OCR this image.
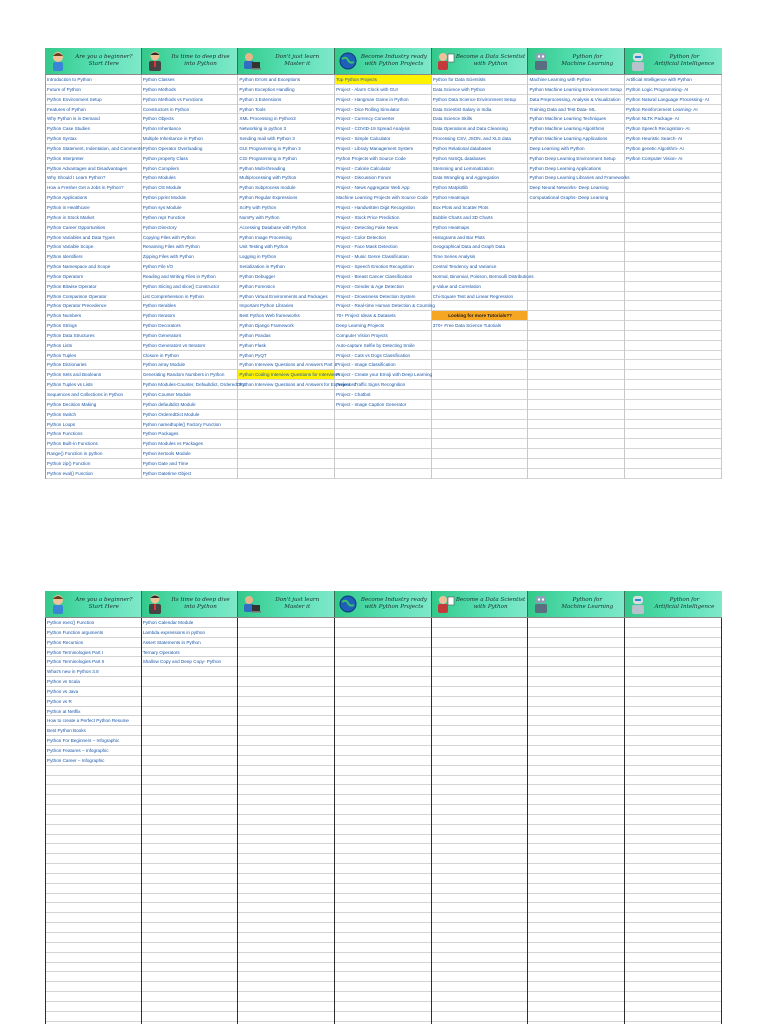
Are you a beginner?
Start Here
Its time to deep dive
into Python
Don't just learn
Master it
Become Industry ready
with Python Projects
Become a Data Scientist
with Python
Python for
Machine Learning
Python for
Artificial Intelligence
Introduction to Python
Future of Python
Python Environment Setup
Features of Python
Why Python is in Demand
Python Case Studies
Python Syntax
Python Statement, Indentation, and Comments
Python Interpreter
Python Advantages and Disadvantages
Why Should I Learn Python?
How a Fresher Get a Jobs in Python?
Python Applications
Python in Healthcare
Python in Stock Market
Python Career Opportunities
Python Variables and Data Types
Python Variable Scope
Python Identifiers
Python Namespace and Scope
Python Operators
Python Bitwise Operator
Python Comparison Operator
Python Operator Precedence
Python Numbers
Python Strings
Python Data Structures
Python Lists
Python Tuples
Python Dictionaries
Python Sets and Booleans
Python Tuples vs Lists
Sequences and Collections in Python
Python Decision Making
Python Switch
Python Loops
Python Functions
Python Built-in Functions
Range() Function in python
Python zip() Function
Python eval() Function
Python Classes
Python Methods
Python Methods vs Functions
Constructors in Python
Python Objects
Python Inheritance
Multiple Inheritance in Python
Python Operator Overloading
Python property Class
Python Compilers
Python Modules
Python OS Module
Python pprint Module
Python sys Module
Python repr Function
Python Directory
Copying Files with Python
Renaming Files with Python
Zipping Files with Python
Python File I/O
Reading and Writing Files in Python
Python Slicing and slice() Constructor
List Comprehension in Python
Python Iterables
Python Iterators
Python Decorators
Python Generators
Python Generators vs Iterators
Closure in Python
Python array Module
Generating Random Numbers in Python
Python Modules-Counter, Defaultdict, OrderedDict
Python Counter Module
Python defaultdict Module
Python OrderedDict Module
Python namedtuple() Factory Function
Python Packages
Python Modules vs Packages
Python itertools Module
Python Date and Time
Python Datetime Object
Python Errors and Exceptions
Python Exception Handling
Python 3 Extensions
Python Tools
XML Processing in Python3
Networking in python 3
Sending mail with Python 3
GUI Programming in Python 3
CGI Programming in Python
Python Multi-threading
Multiprocessing with Python
Python Subprocess module
Python Regular Expressions
SciPy with Python
NumPy with Python
Accessing Database with Python
Python Image Processing
Unit Testing with Python
Logging in Python
Serialization in Python
Python Debugger
Python Forensics
Python Virtual Environments and Packages
Important Python Libraries
Best Python Web frameworks
Python Django Framework
Python Pandas
Python Flask
Python PyQT
Python Interview Questions and Answers Part 1
Python Coding Interview Questions for Interviews
Python Interview Questions and Answers for Experienced
Top Python Projects
Project - Alarm Clock with GUI
Project - Hangman Game in Python
Project - Dice Rolling Simulator
Project - Currency Converter
Project - COVID-19 Spread Analysis
Project - Simple Calculator
Project - Library Management System
Python Projects with Source Code
Project - Calorie Calculator
Project - Discussion Forum
Project - News Aggregator Web App
Machine Learning Projects with Source Code
Project - Handwritten Digit Recognition
Project - Stock Price Prediction
Project - Detecting Fake News
Project - Color Detection
Project - Face Mask Detection
Project - Music Genre Classification
Project - Speech Emotion Recognition
Project - Breast Cancer Classification
Project - Gender & Age Detection
Project - Drowsiness Detection System
Project - Real-time Human Detection & Counting
70+ Project Ideas & Datasets
Deep Learning Projects
Computer Vision Projects
Auto-capture Selfie by Detecting Smile
Project - Cats vs Dogs Classification
Project - Image Classification
Project - Create your Emoji with Deep Learning
Project - Traffic Signs Recognition
Project - Chatbot
Project - Image Caption Generator
Python for Data Scientists
Data Science with Python
Python Data Science Environment Setup
Data Scientist Salary in India
Data Science Skills
Data Operations and Data Cleansing
Processing CSV, JSON, and XLS data
Python Relational databases
Python NoSQL databases
Stemming and Lemmatization
Data Wrangling and Aggregation
Python Matplotlib
Python Heatmaps
Box Plots and Scatter Plots
Bubble Charts and 3D Charts
Python Heatmaps
Histograms and Bar Plots
Geographical Data and Graph Data
Time Series Analysis
Central Tendency and Variance
Normal, Binomial, Poisson, Bernoulli Distributions
p-Value and Correlation
Chi-Square Test and Linear Regression
Looking for more Tutorials??
370+ Free Data Science Tutorials
Machine Learning with Python
Python Machine Learning Environment Setup
Data Preprocessing, Analysis & Visualization
Training Data and Test Data- ML
Python Machine Learning Techniques
Python Machine Learning Algorithms
Python Machine Learning Applications
Deep Learning with Python
Python Deep Learning Environment Setup
Python Deep Learning Applications
Python Deep Learning Libraries and Frameworks
Deep Neural Networks- Deep Learning
Computational Graphs- Deep Learning
Artificial Intelligence with Python
Python Logic Programming- AI
Python Natural Language Processing- AI
Python Reinforcement Learning- AI
Python NLTK Package- AI
Python Speech Recognition- AI
Python Heuristic Search- AI
Python genetic Algorithm- AI
Python Computer Vision- AI
Are you a beginner?
Start Here
Its time to deep dive
into Python
Don't just learn
Master it
Become Industry ready
with Python Projects
Become a Data Scientist
with Python
Python for
Machine Learning
Python for
Artificial Intelligence
Python exec() Function
Python Function arguments
Python Recursion
Python Terminologies Part I
Python Terminologies Part II
What's new in Python 3.8
Python vs Scala
Python vs Java
Python vs R
Python at Netflix
How to create a Perfect Python Resume
Best Python Books
Python For Beginners – Infographic
Python Features – Infographic
Python Career – Infographic
Python Calendar Module
Lambda expressions in python
Assert Statements in Python
Ternary Operators
Shallow Copy and Deep Copy- Python
